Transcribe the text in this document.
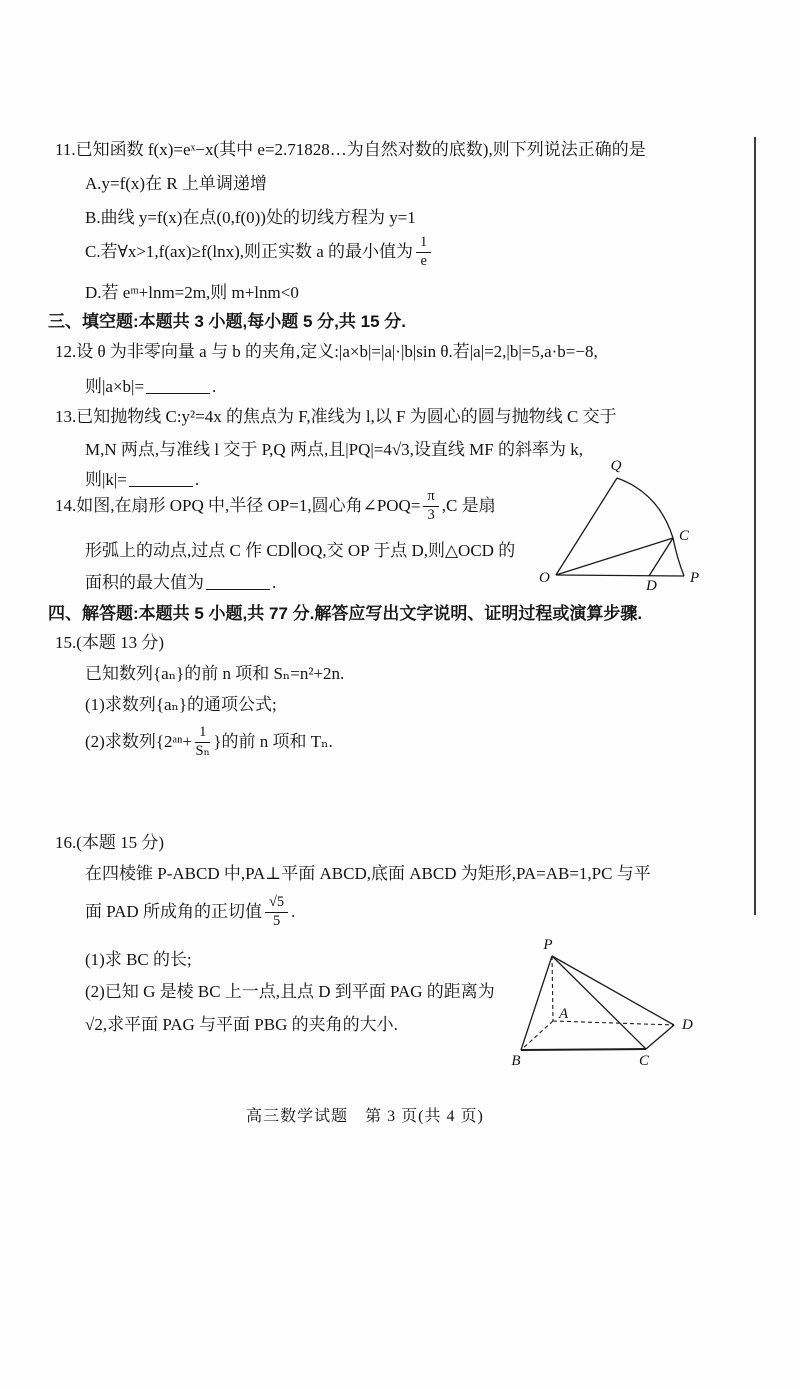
11.已知函数 f(x)=eˣ−x(其中 e=2.71828…为自然对数的底数),则下列说法正确的是
A.y=f(x)在 R 上单调递增
B.曲线 y=f(x)在点(0,f(0))处的切线方程为 y=1
C.若∀x>1,f(ax)≥f(lnx),则正实数 a 的最小值为 $\frac{1}{e}$
D.若 eᵐ+lnm=2m,则 m+lnm<0
三、填空题:本题共 3 小题,每小题 5 分,共 15 分.
12.设 θ 为非零向量 a 与 b 的夹角,定义:|a×b|=|a|·|b|sin θ.若|a|=2,|b|=5,a·b=−8,
则|a×b|=	.
13.已知抛物线 C:y²=4x 的焦点为 F,准线为 l,以 F 为圆心的圆与抛物线 C 交于
M,N 两点,与准线 l 交于 P,Q 两点,且|PQ|=4√3,设直线 MF 的斜率为 k,
则|k|=	.
14.如图,在扇形 OPQ 中,半径 OP=1,圆心角∠POQ= $\frac{\pi}{3} ,C$ 是扇
形弧上的动点,过点 C 作 CD∥OQ,交 OP 于点 D,则△OCD 的
面积的最大值为	.
Q
C
O	D P
四、解答题:本题共 5 小题,共 77 分.解答应写出文字说明、证明过程或演算步骤.
15.(本题 13 分)
已知数列{aₙ}的前 n 项和 Sₙ=n²+2n.
(1)求数列{aₙ}的通项公式;
(2)求数列{2ᵃⁿ+ $\frac{1}{\text{Sₙ}}$ }的前 n 项和 Tₙ.
16.(本题 15 分)
在四棱锥 P-ABCD 中,PA⊥平面 ABCD,底面 ABCD 为矩形,PA=AB=1,PC 与平
面 PAD 所成角的正切值 $\frac{√5}{5}$ .
(1)求 BC 的长;
(2)已知 G 是棱 BC 上一点,且点 D 到平面 PAG 的距离为
√2,求平面 PAG 与平面 PBG 的夹角的大小.
P
A
B	C
D
高三数学试题　第 3 页(共 4 页)
